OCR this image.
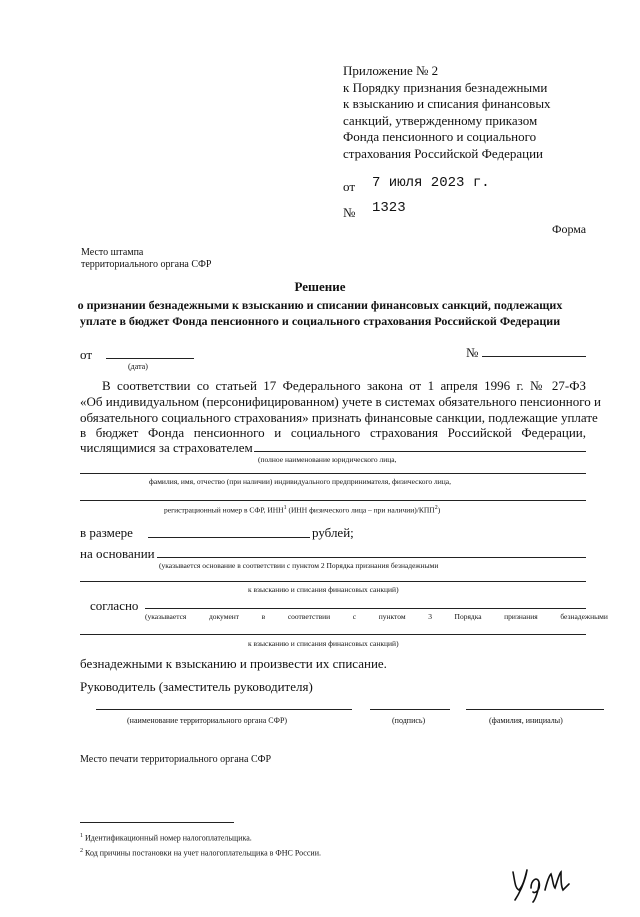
Приложение № 2
к Порядку признания безнадежными
к взысканию и списания финансовых
санкций, утвержденному приказом
Фонда пенсионного и социального
страхования Российской Федерации
от 7 июля 2023 г.
№ 1323
Форма
Место штампа
территориального органа СФР
Решение
о признании безнадежными к взысканию и списании финансовых санкций, подлежащих
уплате в бюджет Фонда пенсионного и социального страхования Российской Федерации
от
(дата)
№
В соответствии со статьей 17 Федерального закона от 1 апреля 1996 г. № 27-ФЗ
«Об индивидуальном (персонифицированном) учете в системах обязательного пенсионного и
обязательного социального страхования» признать финансовые санкции, подлежащие уплате
в бюджет Фонда пенсионного и социального страхования Российской Федерации,
числящимися за страхователем
(полное наименование юридического лица,
фамилия, имя, отчество (при наличии) индивидуального предпринимателя, физического лица,
регистрационный номер в СФР, ИНН$^1$ (ИНН физического лица – при наличии)/КПП$^2$)
в размере	рублей;
на основании
(указывается основание в соответствии с пунктом 2 Порядка признания безнадежными
к взысканию и списания финансовых санкций)
согласно
(указывается	документ	в	соответствии	с	пунктом	3	Порядка	признания	безнадежными
к взысканию и списания финансовых санкций)
безнадежными к взысканию и произвести их списание.
Руководитель (заместитель руководителя)
(наименование территориального органа СФР)	(подпись)	(фамилия, инициалы)
Место печати территориального органа СФР
$^1$ Идентификационный номер налогоплательщика.
$^2$ Код причины постановки на учет налогоплательщика в ФНС России.
